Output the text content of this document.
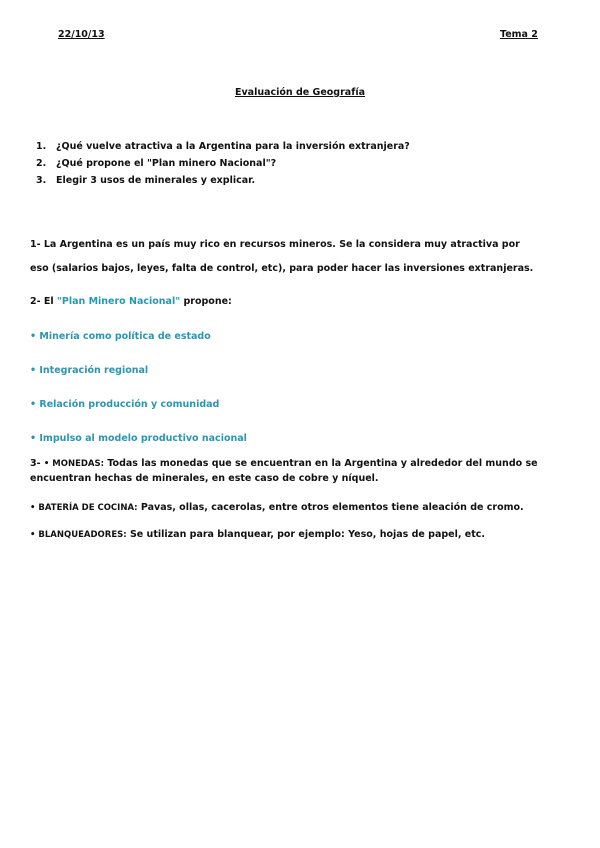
22/10/13	Tema 2
Evaluación de Geografía
1.	¿Qué vuelve atractiva a la Argentina para la inversión extranjera?
2.	¿Qué propone el "Plan minero Nacional"?
3.	Elegir 3 usos de minerales y explicar.
1- La Argentina es un país muy rico en recursos mineros. Se la considera muy atractiva por
eso (salarios bajos, leyes, falta de control, etc), para poder hacer las inversiones extranjeras.
2- El "Plan Minero Nacional" propone:
• Minería como política de estado
• Integración regional
• Relación producción y comunidad
• Impulso al modelo productivo nacional
3- • MONEDAS: Todas las monedas que se encuentran en la Argentina y alrededor del mundo se
encuentran hechas de minerales, en este caso de cobre y níquel.
• BATERÍA DE COCINA: Pavas, ollas, cacerolas, entre otros elementos tiene aleación de cromo.
• BLANQUEADORES: Se utilizan para blanquear, por ejemplo: Yeso, hojas de papel, etc.
